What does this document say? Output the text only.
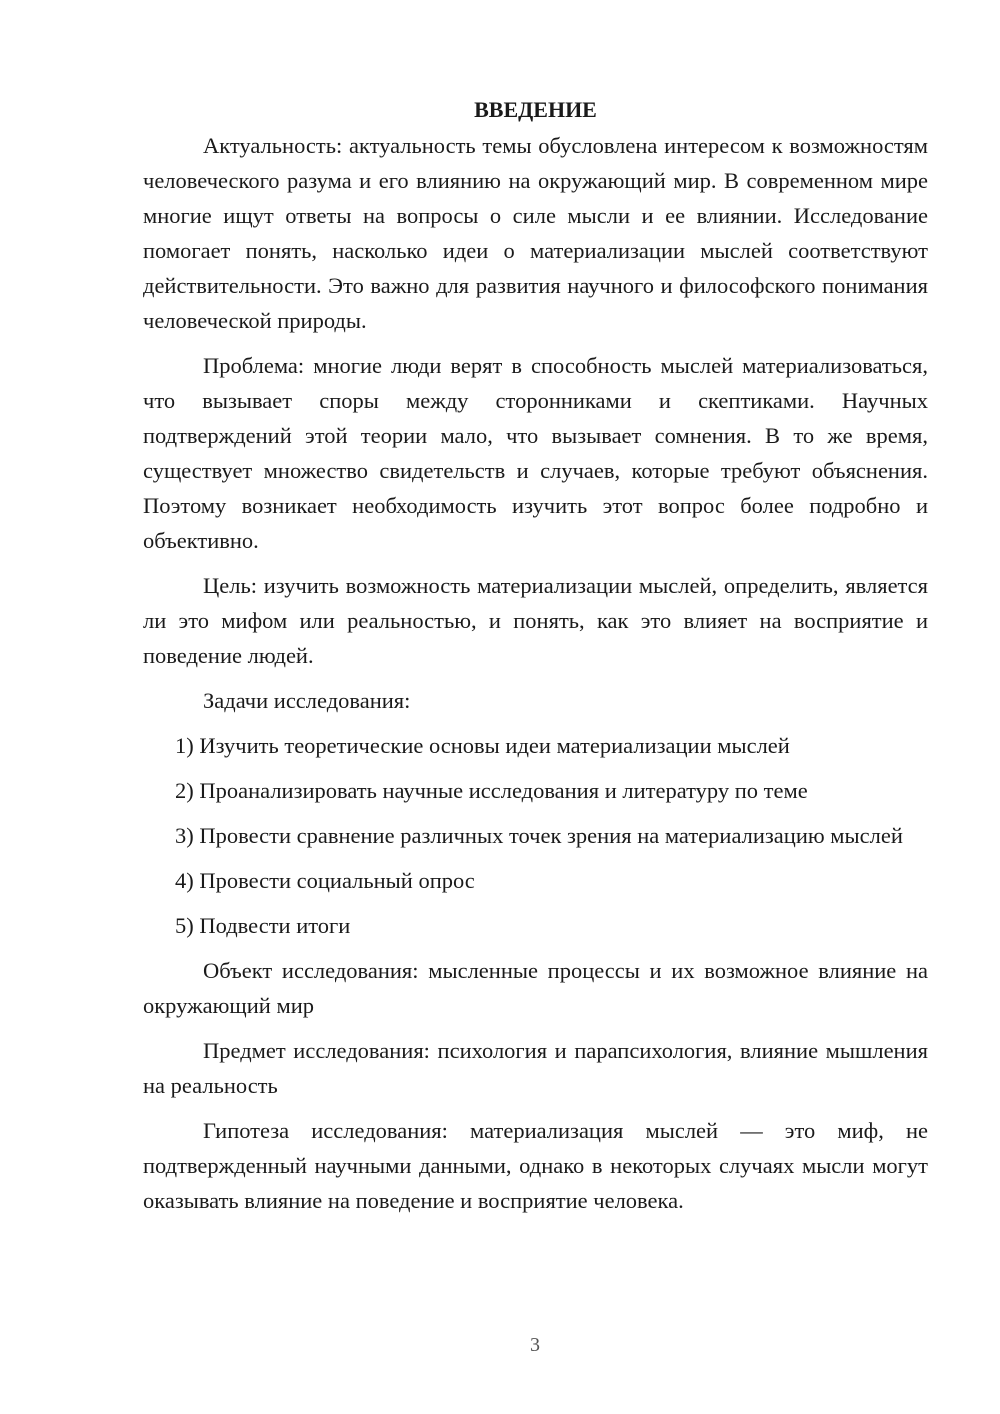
ВВЕДЕНИЕ

Актуальность: актуальность темы обусловлена интересом к возможностям человеческого разума и его влиянию на окружающий мир. В современном мире многие ищут ответы на вопросы о силе мысли и ее влиянии. Исследование помогает понять, насколько идеи о материализации мыслей соответствуют действительности. Это важно для развития научного и философского понимания человеческой природы.

Проблема: многие люди верят в способность мыслей материализоваться, что вызывает споры между сторонниками и скептиками. Научных подтверждений этой теории мало, что вызывает сомнения. В то же время, существует множество свидетельств и случаев, которые требуют объяснения. Поэтому возникает необходимость изучить этот вопрос более подробно и объективно.

Цель: изучить возможность материализации мыслей, определить, является ли это мифом или реальностью, и понять, как это влияет на восприятие и поведение людей.

Задачи исследования:

1) Изучить теоретические основы идеи материализации мыслей

2) Проанализировать научные исследования и литературу по теме

3) Провести сравнение различных точек зрения на материализацию мыслей

4) Провести социальный опрос

5) Подвести итоги

Объект исследования: мысленные процессы и их возможное влияние на окружающий мир

Предмет исследования: психология и парапсихология, влияние мышления на реальность

Гипотеза исследования: материализация мыслей — это миф, не подтвержденный научными данными, однако в некоторых случаях мысли могут оказывать влияние на поведение и восприятие человека.

3
